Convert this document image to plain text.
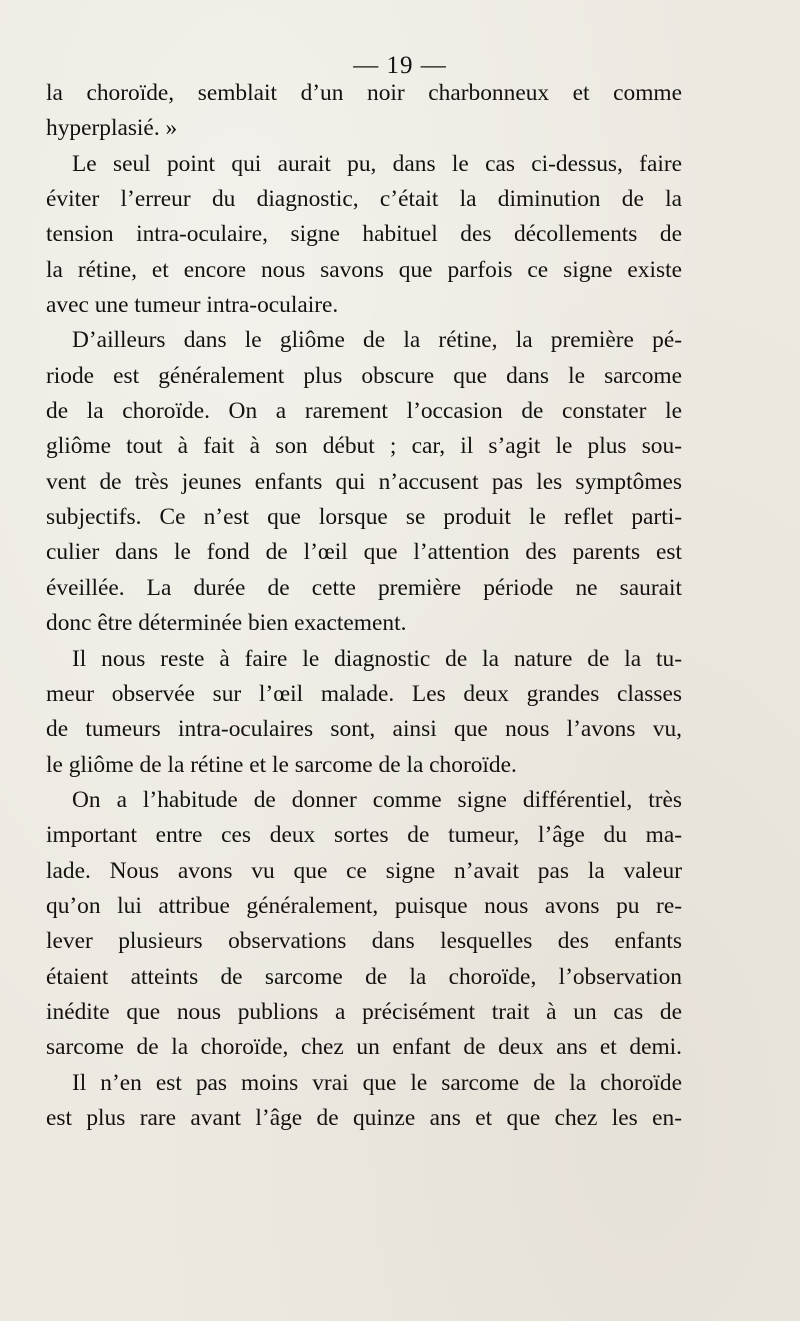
— 19 —
la choroïde, semblait d’un noir charbonneux et comme
hyperplasié. »
Le seul point qui aurait pu, dans le cas ci-dessus, faire
éviter l’erreur du diagnostic, c’était la diminution de la
tension intra-oculaire, signe habituel des décollements de
la rétine, et encore nous savons que parfois ce signe existe
avec une tumeur intra-oculaire.
D’ailleurs dans le gliôme de la rétine, la première pé-
riode est généralement plus obscure que dans le sarcome
de la choroïde. On a rarement l’occasion de constater le
gliôme tout à fait à son début ; car, il s’agit le plus sou-
vent de très jeunes enfants qui n’accusent pas les symptômes
subjectifs. Ce n’est que lorsque se produit le reflet parti-
culier dans le fond de l’œil que l’attention des parents est
éveillée. La durée de cette première période ne saurait
donc être déterminée bien exactement.
Il nous reste à faire le diagnostic de la nature de la tu-
meur observée sur l’œil malade. Les deux grandes classes
de tumeurs intra-oculaires sont, ainsi que nous l’avons vu,
le gliôme de la rétine et le sarcome de la choroïde.
On a l’habitude de donner comme signe différentiel, très
important entre ces deux sortes de tumeur, l’âge du ma-
lade. Nous avons vu que ce signe n’avait pas la valeur
qu’on lui attribue généralement, puisque nous avons pu re-
lever plusieurs observations dans lesquelles des enfants
étaient atteints de sarcome de la choroïde, l’observation
inédite que nous publions a précisément trait à un cas de
sarcome de la choroïde, chez un enfant de deux ans et demi.
Il n’en est pas moins vrai que le sarcome de la choroïde
est plus rare avant l’âge de quinze ans et que chez les en-
